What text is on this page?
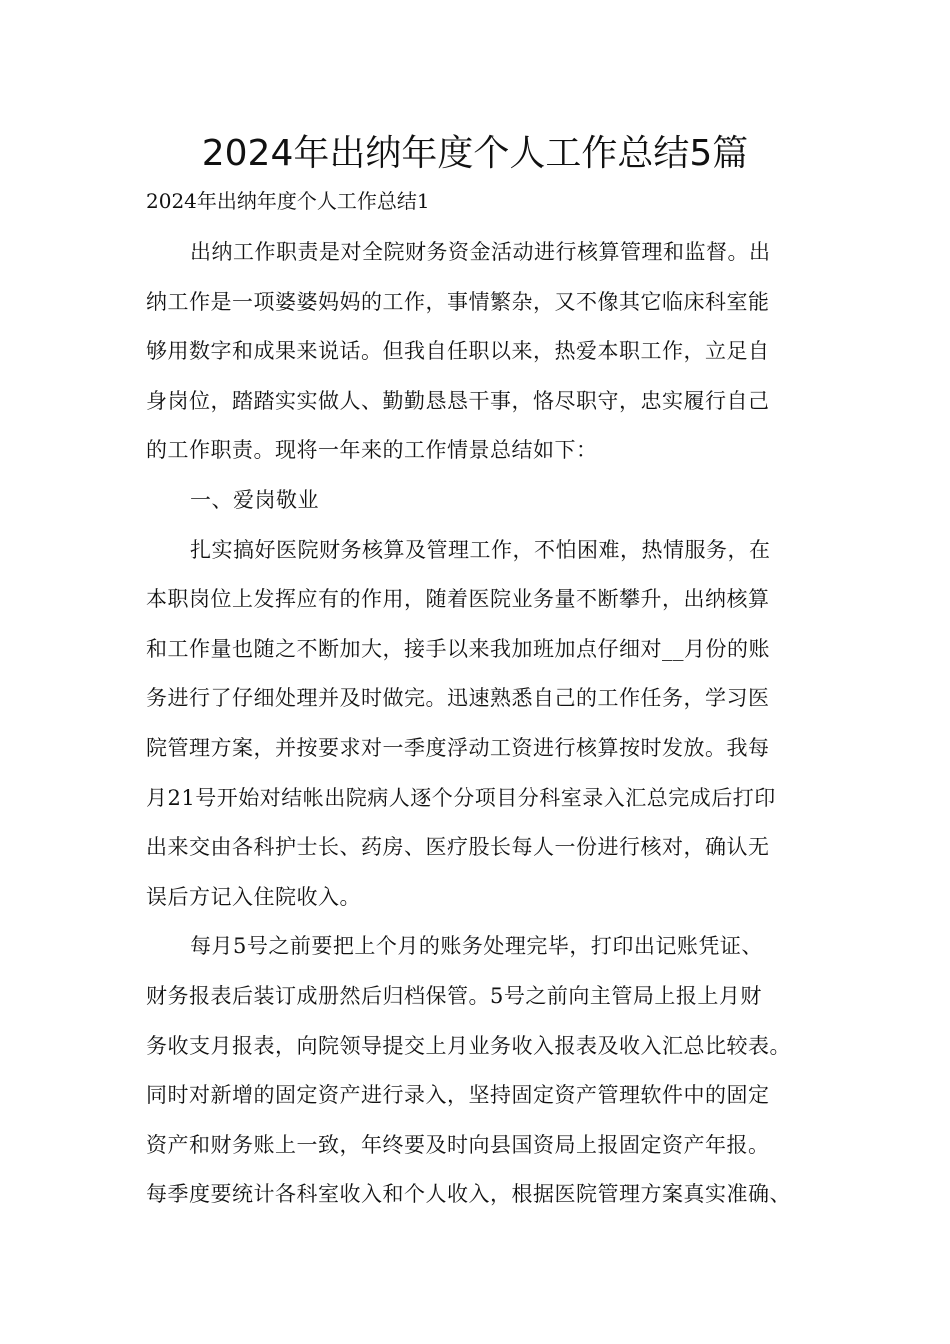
2024年出纳年度个人工作总结5篇
2024年出纳年度个人工作总结1
出纳工作职责是对全院财务资金活动进行核算管理和监督。出
纳工作是一项婆婆妈妈的工作，事情繁杂，又不像其它临床科室能
够用数字和成果来说话。但我自任职以来，热爱本职工作，立足自
身岗位，踏踏实实做人、勤勤恳恳干事，恪尽职守，忠实履行自己
的工作职责。现将一年来的工作情景总结如下：
一、爱岗敬业
扎实搞好医院财务核算及管理工作，不怕困难，热情服务，在
本职岗位上发挥应有的作用，随着医院业务量不断攀升，出纳核算
和工作量也随之不断加大，接手以来我加班加点仔细对__月份的账
务进行了仔细处理并及时做完。迅速熟悉自己的工作任务，学习医
院管理方案，并按要求对一季度浮动工资进行核算按时发放。我每
月21号开始对结帐出院病人逐个分项目分科室录入汇总完成后打印
出来交由各科护士长、药房、医疗股长每人一份进行核对，确认无
误后方记入住院收入。
每月5号之前要把上个月的账务处理完毕，打印出记账凭证、
财务报表后装订成册然后归档保管。5号之前向主管局上报上月财
务收支月报表，向院领导提交上月业务收入报表及收入汇总比较表。
同时对新增的固定资产进行录入，坚持固定资产管理软件中的固定
资产和财务账上一致，年终要及时向县国资局上报固定资产年报。
每季度要统计各科室收入和个人收入，根据医院管理方案真实准确、
